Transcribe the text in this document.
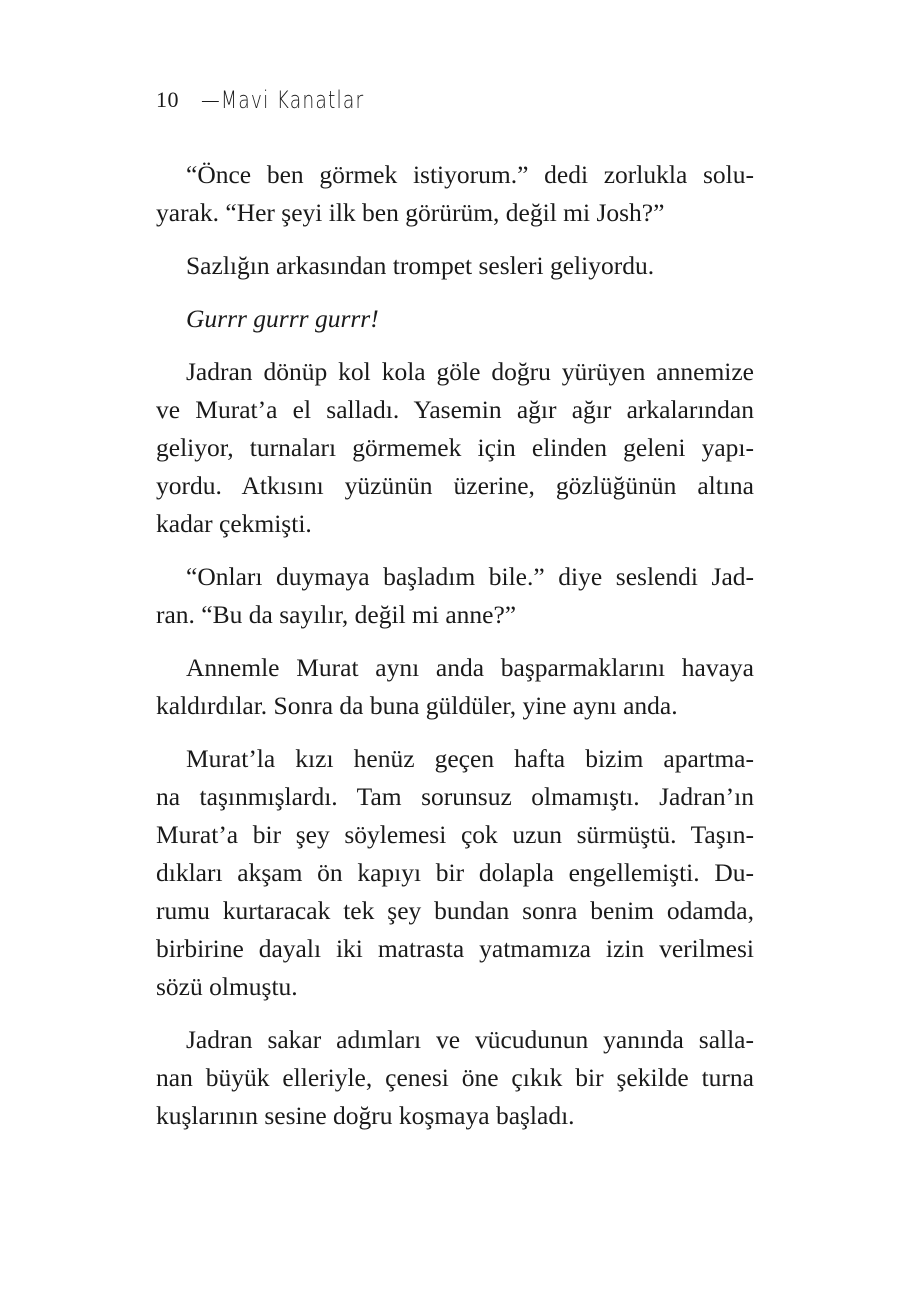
10 —Mavi Kanatlar
“Önce ben görmek istiyorum.” dedi zorlukla solu-
yarak. “Her şeyi ilk ben görürüm, değil mi Josh?”
Sazlığın arkasından trompet sesleri geliyordu.
Gurrr gurrr gurrr!
Jadran dönüp kol kola göle doğru yürüyen annemize
ve Murat’a el salladı. Yasemin ağır ağır arkalarından
geliyor, turnaları görmemek için elinden geleni yapı-
yordu. Atkısını yüzünün üzerine, gözlüğünün altına
kadar çekmişti.
“Onları duymaya başladım bile.” diye seslendi Jad-
ran. “Bu da sayılır, değil mi anne?”
Annemle Murat aynı anda başparmaklarını havaya
kaldırdılar. Sonra da buna güldüler, yine aynı anda.
Murat’la kızı henüz geçen hafta bizim apartma-
na taşınmışlardı. Tam sorunsuz olmamıştı. Jadran’ın
Murat’a bir şey söylemesi çok uzun sürmüştü. Taşın-
dıkları akşam ön kapıyı bir dolapla engellemişti. Du-
rumu kurtaracak tek şey bundan sonra benim odamda,
birbirine dayalı iki matrasta yatmamıza izin verilmesi
sözü olmuştu.
Jadran sakar adımları ve vücudunun yanında salla-
nan büyük elleriyle, çenesi öne çıkık bir şekilde turna
kuşlarının sesine doğru koşmaya başladı.
